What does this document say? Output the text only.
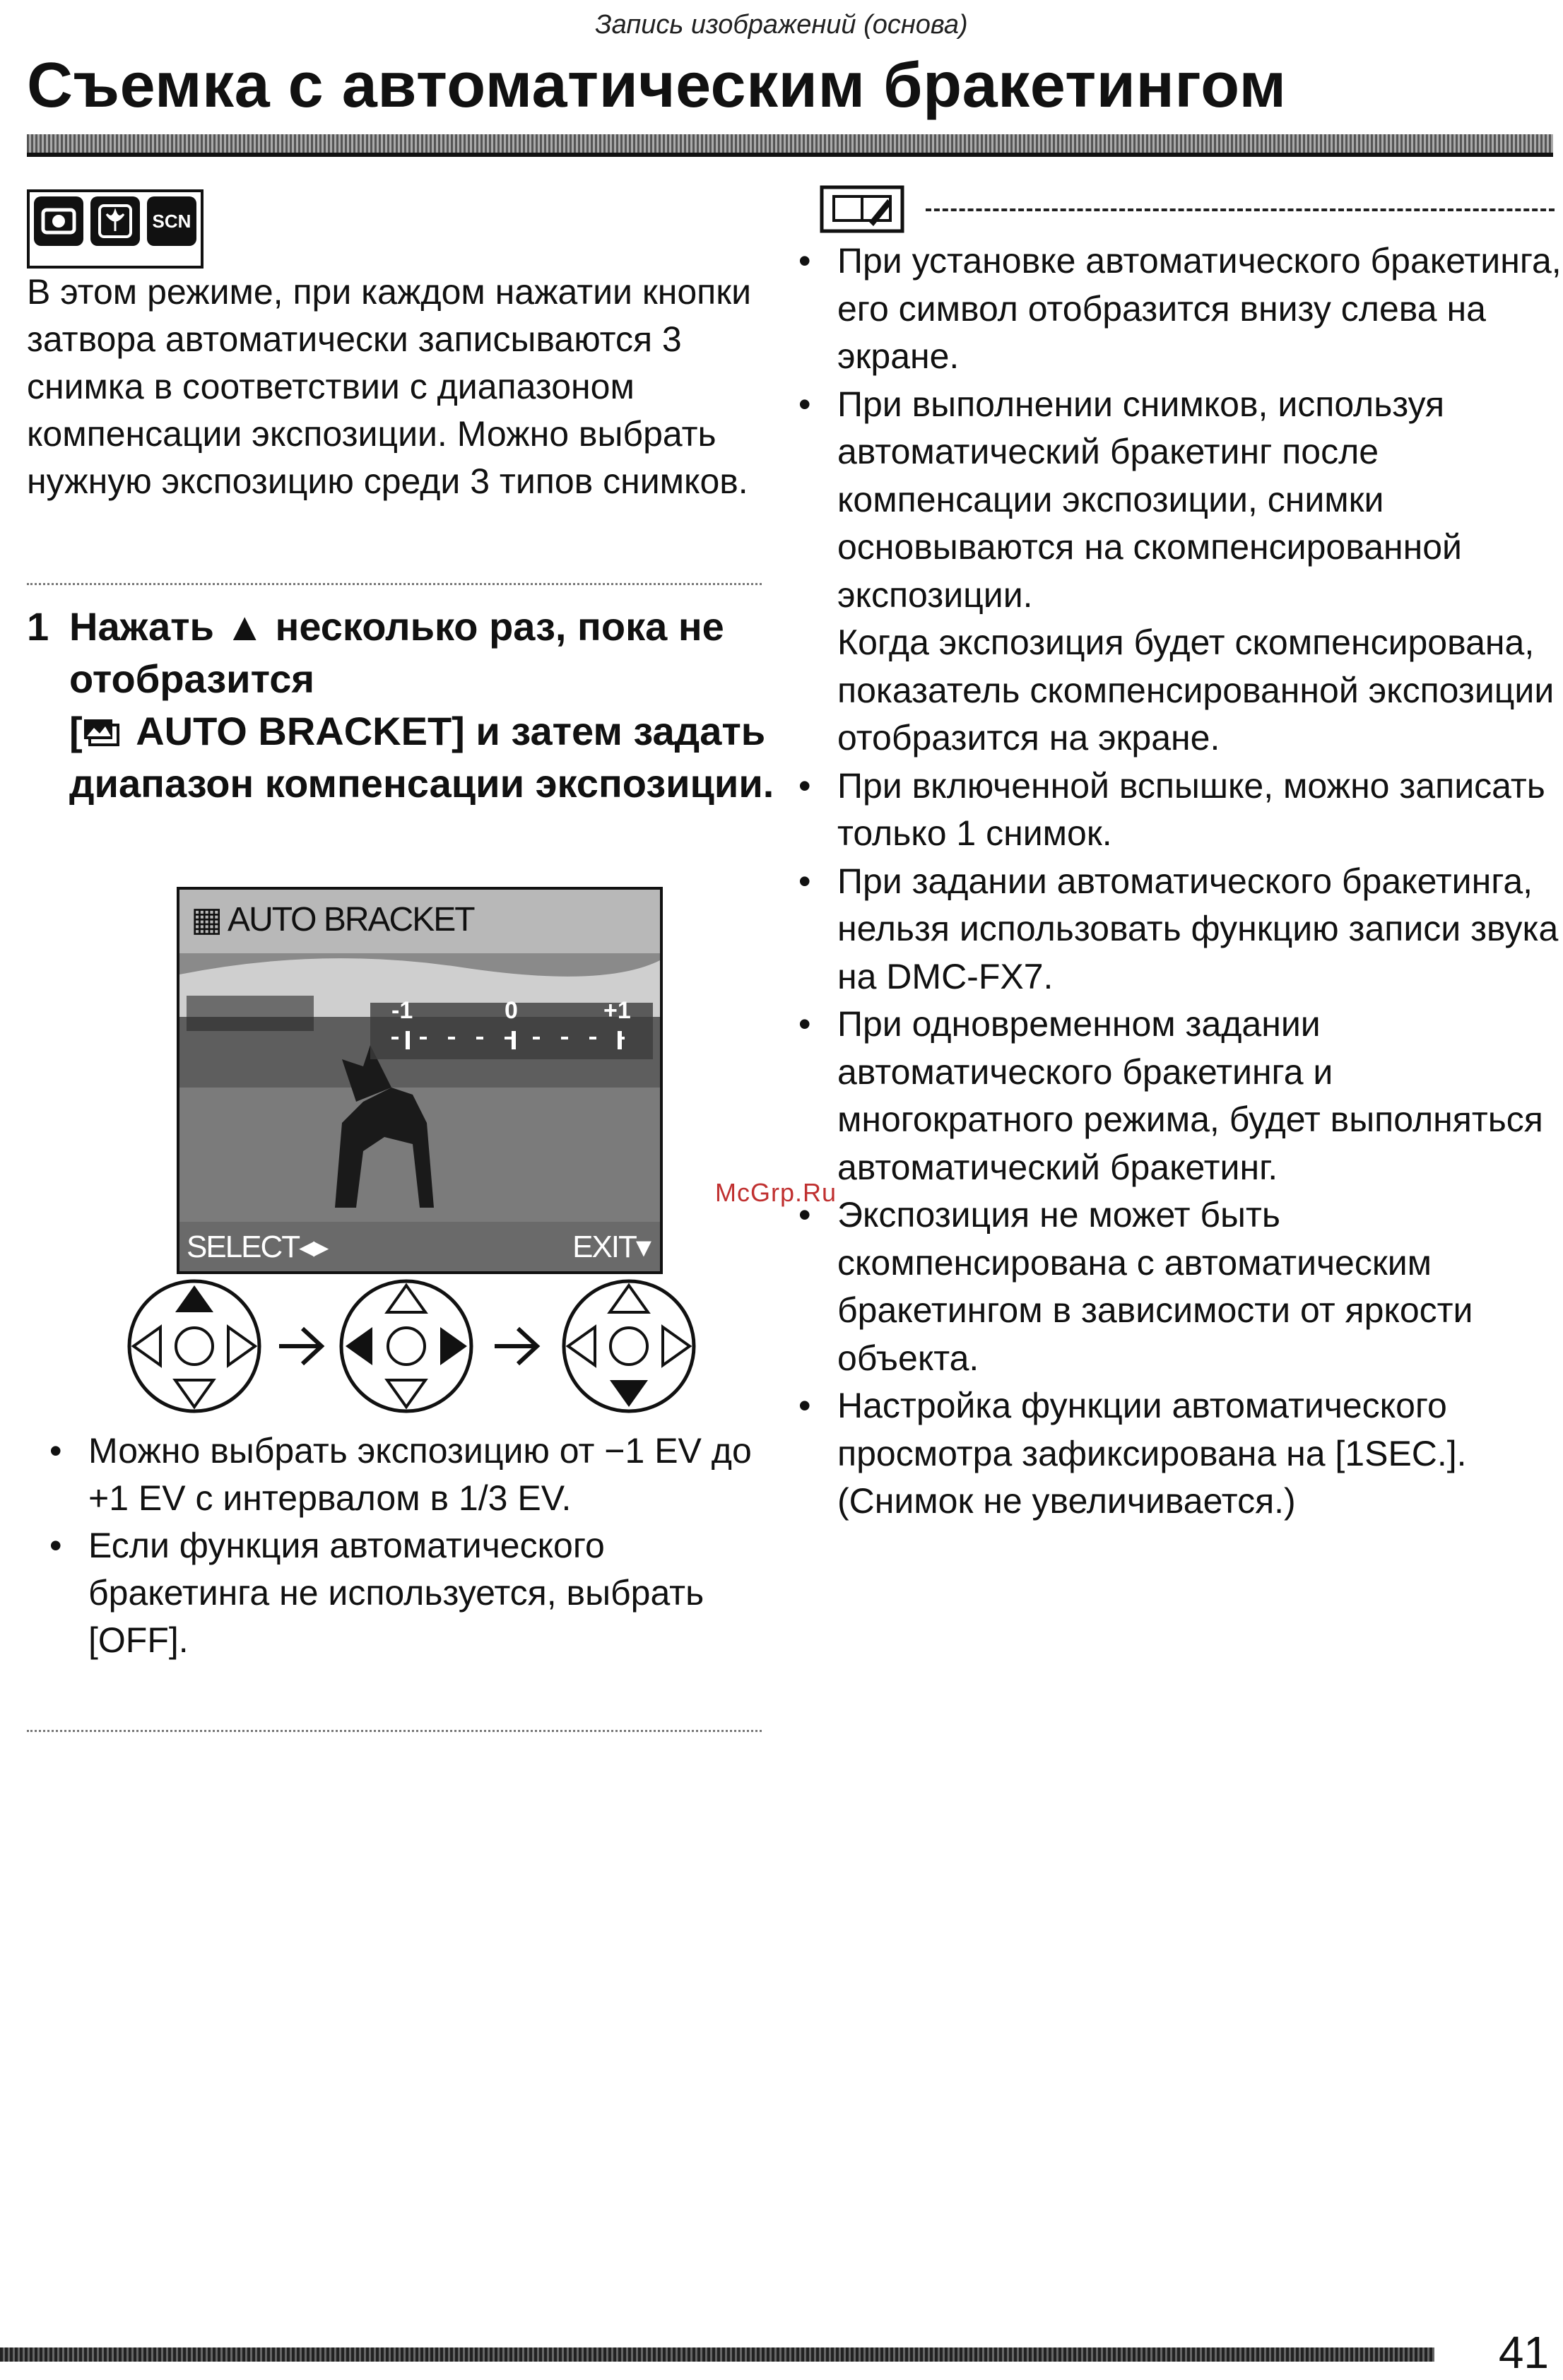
Запись изображений (основа)
Съемка с автоматическим бракетингом
SCN
В этом режиме, при каждом нажатии кнопки затвора автоматически записываются 3 снимка в соответствии с диапазоном компенсации экспозиции. Можно выбрать нужную экспозицию среди 3 типов снимков.
1 Нажать ▲ несколько раз, пока не отобразится
[ AUTO BRACKET] и затем задать диапазон компенсации экспозиции.
▦ AUTO BRACKET
-1	0	+1
SELECT◂▸	EXIT▾
• Можно выбрать экспозицию от −1 EV до +1 EV с интервалом в 1/3 EV.
• Если функция автоматического бракетинга не используется, выбрать [OFF].
• При установке автоматического бракетинга, его символ отобразится внизу слева на экране.
• При выполнении снимков, используя автоматический бракетинг после компенсации экспозиции, снимки основываются на скомпенсированной экспозиции.
Когда экспозиция будет скомпенсирована, показатель скомпенсированной экспозиции отобразится на экране.
• При включенной вспышке, можно записать только 1 снимок.
• При задании автоматического бракетинга, нельзя использовать функцию записи звука на DMC-FX7.
• При одновременном задании автоматического бракетинга и многократного режима, будет выполняться автоматический бракетинг.
• Экспозиция не может быть скомпенсирована с автоматическим бракетингом в зависимости от яркости объекта.
• Настройка функции автоматического просмотра зафиксирована на [1SEC.]. (Снимок не увеличивается.)
McGrp.Ru
41
